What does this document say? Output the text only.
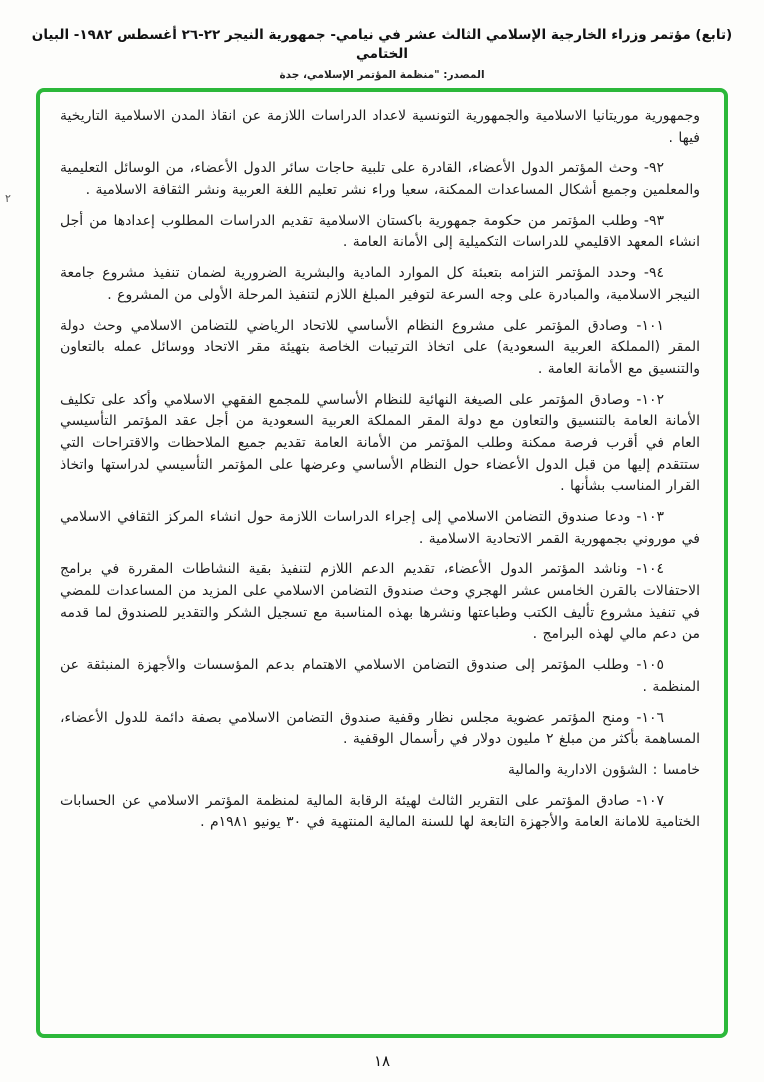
(تابع) مؤتمر وزراء الخارجية الإسلامي الثالث عشر في نيامي- جمهورية النيجر ٢٢-٢٦ أغسطس ١٩٨٢- البيان الختامي
المصدر: "منظمة المؤتمر الإسلامي، جدة
٢

وجمهورية موريتانيا الاسلامية والجمهورية التونسية لاعداد الدراسات اللازمة عن انقاذ المدن الاسلامية التاريخية فيها .

٩٢- وحث المؤتمر الدول الأعضاء، القادرة على تلبية حاجات سائر الدول الأعضاء، من الوسائل التعليمية والمعلمين وجميع أشكال المساعدات الممكنة، سعيا وراء نشر تعليم اللغة العربية ونشر الثقافة الاسلامية .

٩٣- وطلب المؤتمر من حكومة جمهورية باكستان الاسلامية تقديم الدراسات المطلوب إعدادها من أجل انشاء المعهد الاقليمي للدراسات التكميلية إلى الأمانة العامة .

٩٤- وحدد المؤتمر التزامه بتعبئة كل الموارد المادية والبشرية الضرورية لضمان تنفيذ مشروع جامعة النيجر الاسلامية، والمبادرة على وجه السرعة لتوفير المبلغ اللازم لتنفيذ المرحلة الأولى من المشروع .

١٠١- وصادق المؤتمر على مشروع النظام الأساسي للاتحاد الرياضي للتضامن الاسلامي وحث دولة المقر (المملكة العربية السعودية) على اتخاذ الترتيبات الخاصة بتهيئة مقر الاتحاد ووسائل عمله بالتعاون والتنسيق مع الأمانة العامة .

١٠٢- وصادق المؤتمر على الصيغة النهائية للنظام الأساسي للمجمع الفقهي الاسلامي وأكد على تكليف الأمانة العامة بالتنسيق والتعاون مع دولة المقر المملكة العربية السعودية من أجل عقد المؤتمر التأسيسي العام في أقرب فرصة ممكنة وطلب المؤتمر من الأمانة العامة تقديم جميع الملاحظات والاقتراحات التي ستتقدم إليها من قبل الدول الأعضاء حول النظام الأساسي وعرضها على المؤتمر التأسيسي لدراستها واتخاذ القرار المناسب بشأنها .

١٠٣- ودعا صندوق التضامن الاسلامي إلى إجراء الدراسات اللازمة حول انشاء المركز الثقافي الاسلامي في موروني بجمهورية القمر الاتحادية الاسلامية .

١٠٤- وناشد المؤتمر الدول الأعضاء، تقديم الدعم اللازم لتنفيذ بقية النشاطات المقررة في برامج الاحتفالات بالقرن الخامس عشر الهجري وحث صندوق التضامن الاسلامي على المزيد من المساعدات للمضي في تنفيذ مشروع تأليف الكتب وطباعتها ونشرها بهذه المناسبة مع تسجيل الشكر والتقدير للصندوق لما قدمه من دعم مالي لهذه البرامج .

١٠٥- وطلب المؤتمر إلى صندوق التضامن الاسلامي الاهتمام بدعم المؤسسات والأجهزة المنبثقة عن المنظمة .

١٠٦- ومنح المؤتمر عضوية مجلس نظار وقفية صندوق التضامن الاسلامي بصفة دائمة للدول الأعضاء، المساهمة بأكثر من مبلغ ٢ مليون دولار في رأسمال الوقفية .

خامسا : الشؤون الادارية والمالية

١٠٧- صادق المؤتمر على التقرير الثالث لهيئة الرقابة المالية لمنظمة المؤتمر الاسلامي عن الحسابات الختامية للامانة العامة والأجهزة التابعة لها للسنة المالية المنتهية في ٣٠ يونيو ١٩٨١م .

١٨
